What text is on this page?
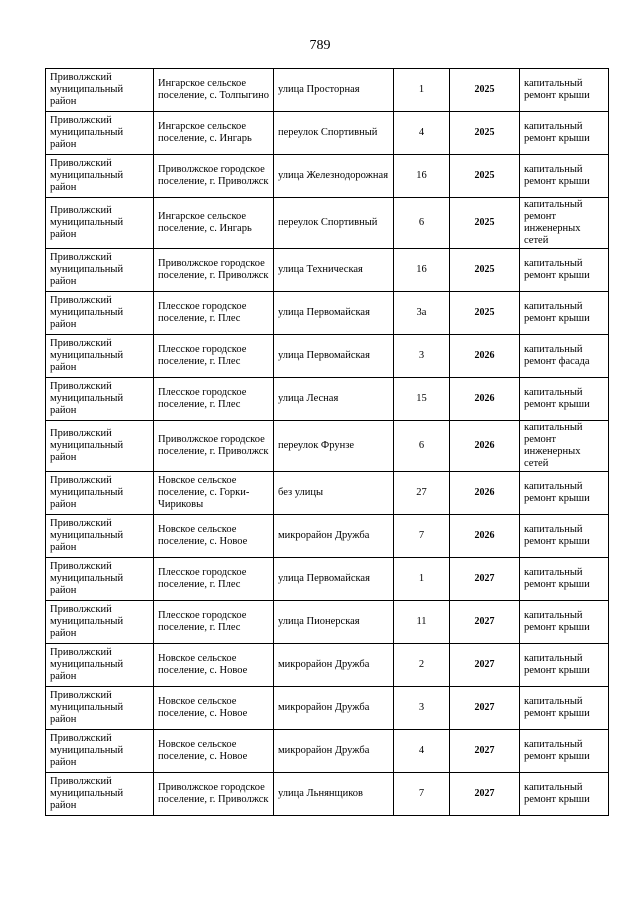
789
Приволжский муниципальный район	Ингарское сельское поселение, с. Толпыгино	улица Просторная	1	2025	капитальный ремонт крыши
Приволжский муниципальный район	Ингарское сельское поселение, с. Ингарь	переулок Спортивный	4	2025	капитальный ремонт крыши
Приволжский муниципальный район	Приволжское городское поселение, г. Приволжск	улица Железнодорожная	16	2025	капитальный ремонт крыши
Приволжский муниципальный район	Ингарское сельское поселение, с. Ингарь	переулок Спортивный	6	2025	капитальный ремонт инженерных сетей
Приволжский муниципальный район	Приволжское городское поселение, г. Приволжск	улица Техническая	16	2025	капитальный ремонт крыши
Приволжский муниципальный район	Плесское городское поселение, г. Плес	улица Первомайская	3а	2025	капитальный ремонт крыши
Приволжский муниципальный район	Плесское городское поселение, г. Плес	улица Первомайская	3	2026	капитальный ремонт фасада
Приволжский муниципальный район	Плесское городское поселение, г. Плес	улица Лесная	15	2026	капитальный ремонт крыши
Приволжский муниципальный район	Приволжское городское поселение, г. Приволжск	переулок Фрунзе	6	2026	капитальный ремонт инженерных сетей
Приволжский муниципальный район	Новское сельское поселение, с. Горки-Чириковы	без улицы	27	2026	капитальный ремонт крыши
Приволжский муниципальный район	Новское сельское поселение, с. Новое	микрорайон Дружба	7	2026	капитальный ремонт крыши
Приволжский муниципальный район	Плесское городское поселение, г. Плес	улица Первомайская	1	2027	капитальный ремонт крыши
Приволжский муниципальный район	Плесское городское поселение, г. Плес	улица Пионерская	11	2027	капитальный ремонт крыши
Приволжский муниципальный район	Новское сельское поселение, с. Новое	микрорайон Дружба	2	2027	капитальный ремонт крыши
Приволжский муниципальный район	Новское сельское поселение, с. Новое	микрорайон Дружба	3	2027	капитальный ремонт крыши
Приволжский муниципальный район	Новское сельское поселение, с. Новое	микрорайон Дружба	4	2027	капитальный ремонт крыши
Приволжский муниципальный район	Приволжское городское поселение, г. Приволжск	улица Льнянщиков	7	2027	капитальный ремонт крыши
